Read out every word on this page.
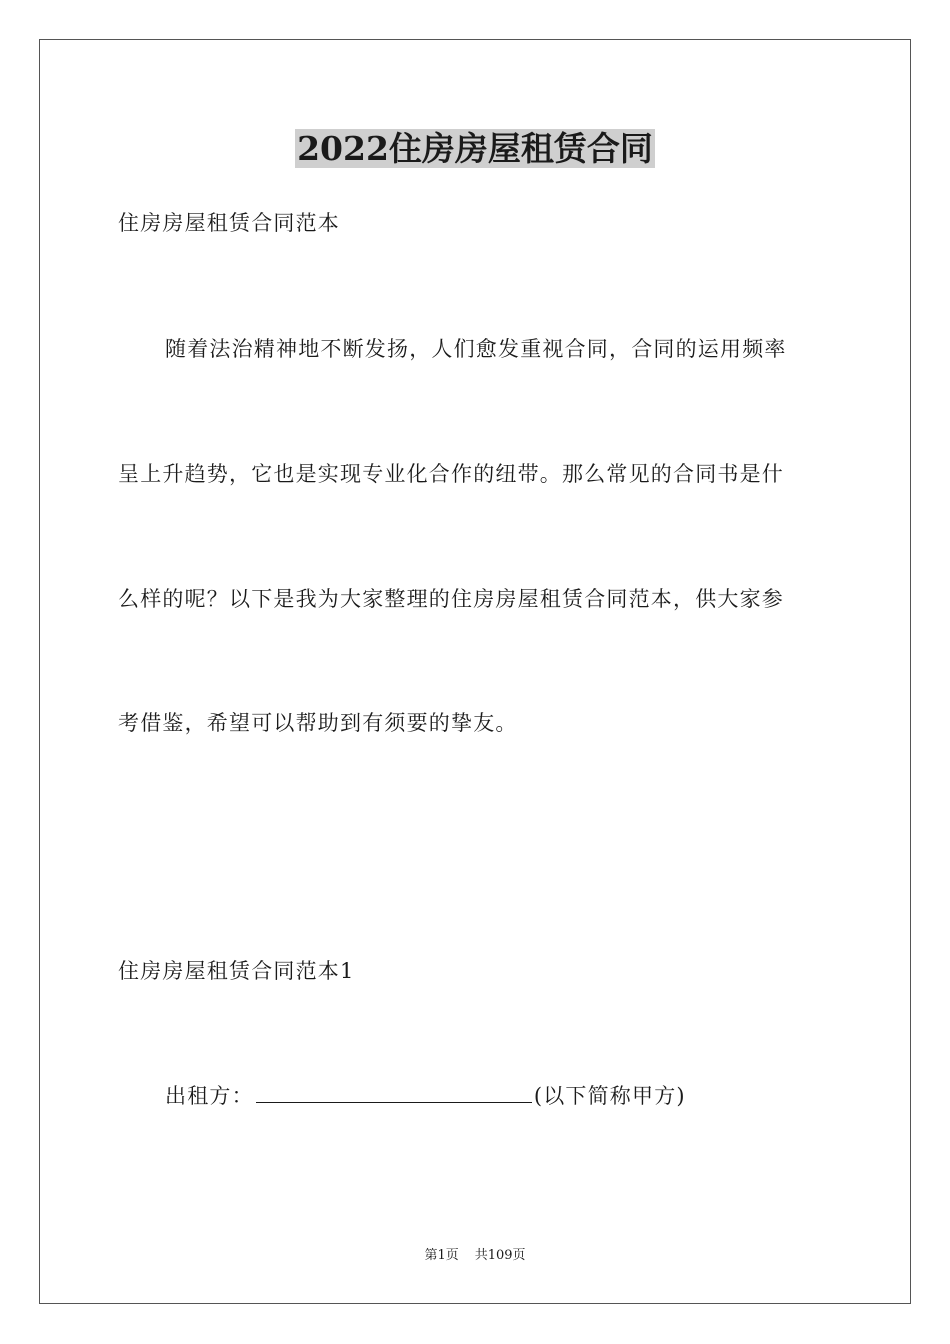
2022住房房屋租赁合同
住房房屋租赁合同范本
随着法治精神地不断发扬，人们愈发重视合同，合同的运用频率
呈上升趋势，它也是实现专业化合作的纽带。那么常见的合同书是什
么样的呢？以下是我为大家整理的住房房屋租赁合同范本，供大家参
考借鉴，希望可以帮助到有须要的挚友。
住房房屋租赁合同范本1
出租方：	(以下简称甲方)
第1页 共109页
